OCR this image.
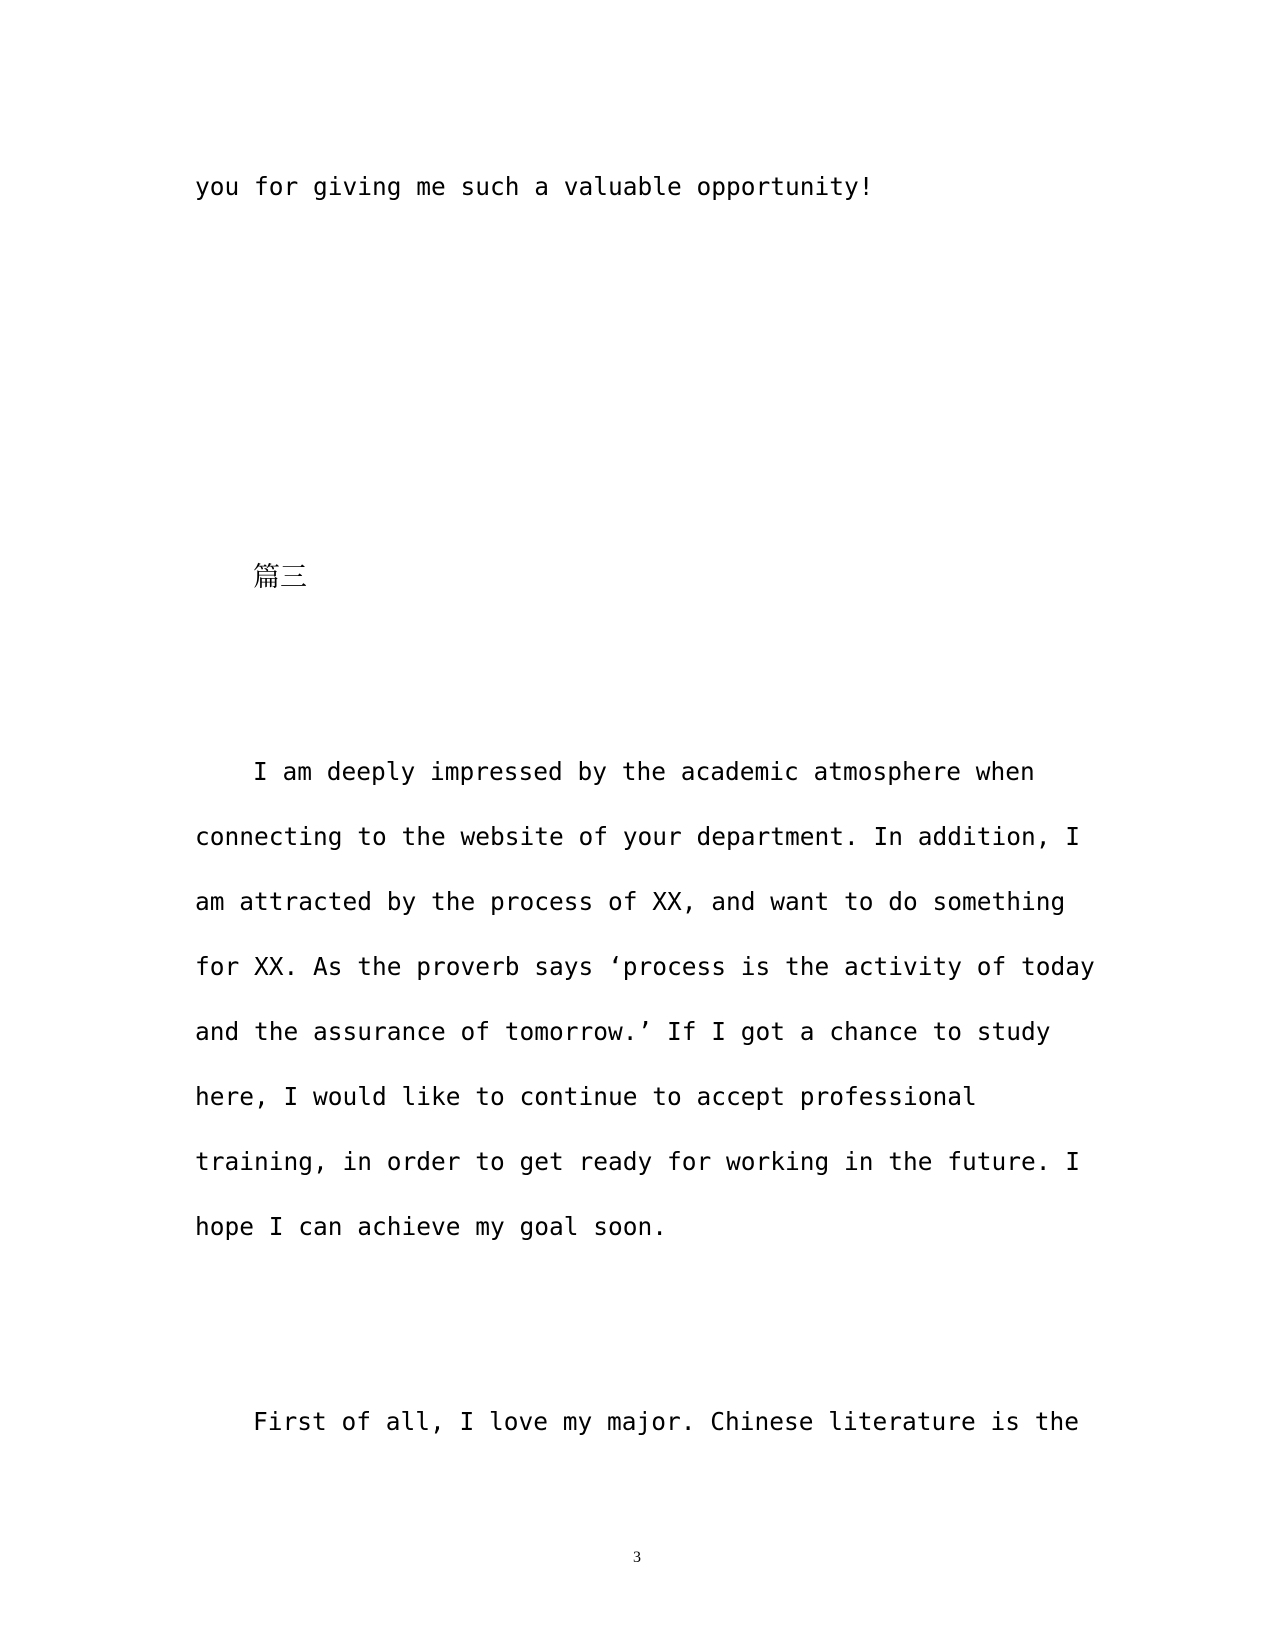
you for giving me such a valuable opportunity!
篇三
I am deeply impressed by the academic atmosphere when
connecting to the website of your department. In addition, I
am attracted by the process of XX, and want to do something
for XX. As the proverb says ‘process is the activity of today
and the assurance of tomorrow.’ If I got a chance to study
here, I would like to continue to accept professional
training, in order to get ready for working in the future. I
hope I can achieve my goal soon.
First of all, I love my major. Chinese literature is the
3
